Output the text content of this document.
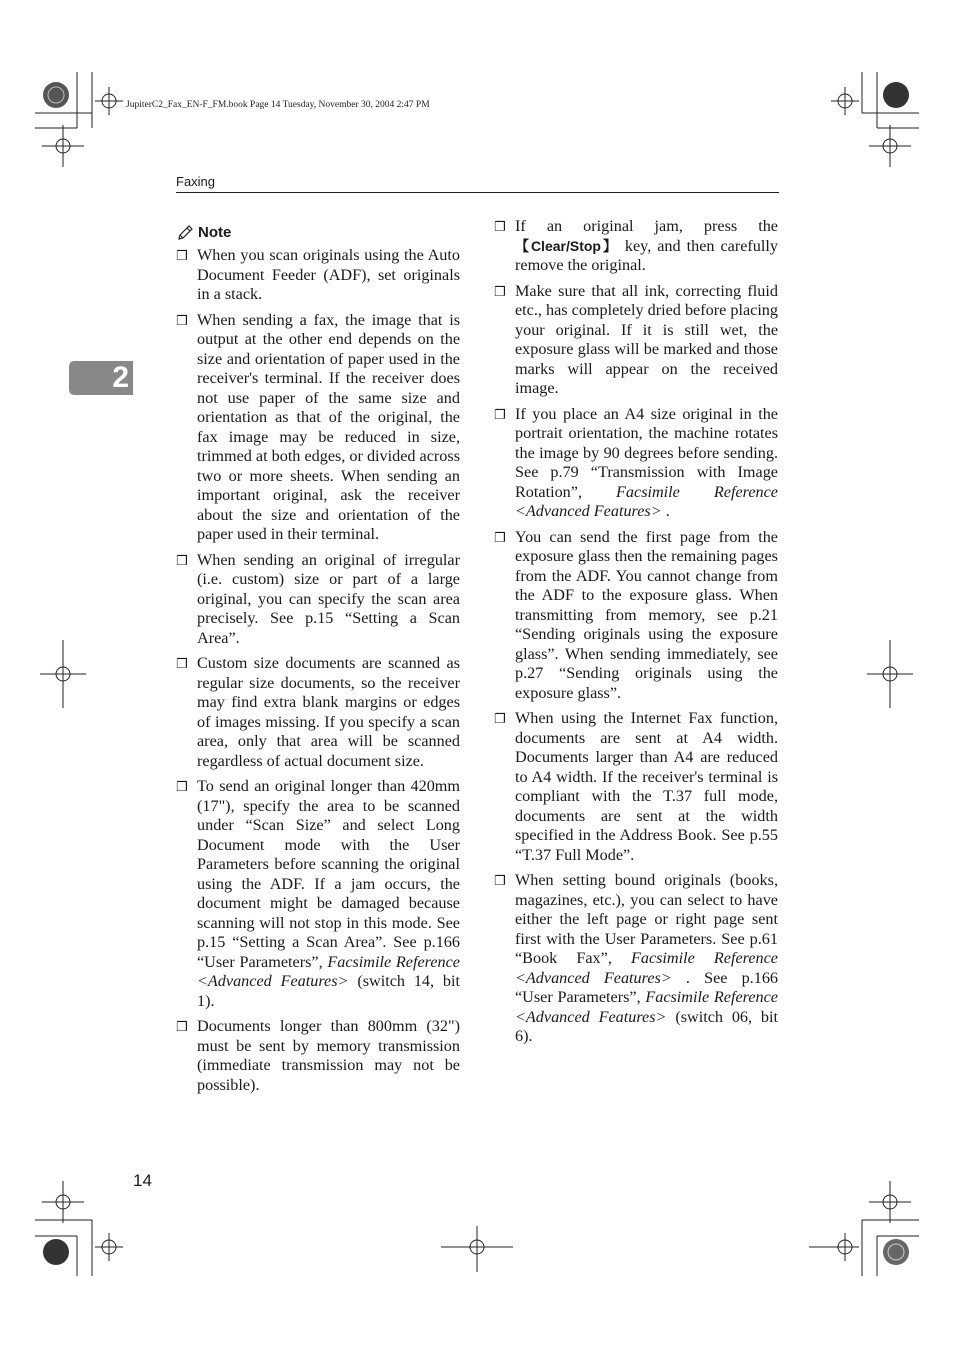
JupiterC2_Fax_EN-F_FM.book Page 14 Tuesday, November 30, 2004 2:47 PM
Faxing
2
Note
❒ When you scan originals using the Auto Document Feeder (ADF), set originals in a stack.
❒ When sending a fax, the image that is output at the other end depends on the size and orientation of paper used in the receiver's terminal. If the receiver does not use paper of the same size and orientation as that of the original, the fax image may be reduced in size, trimmed at both edges, or divided across two or more sheets. When sending an important original, ask the receiver about the size and orientation of the paper used in their terminal.
❒ When sending an original of irregular (i.e. custom) size or part of a large original, you can specify the scan area precisely. See p.15 “Setting a Scan Area”.
❒ Custom size documents are scanned as regular size documents, so the receiver may find extra blank margins or edges of images missing. If you specify a scan area, only that area will be scanned regardless of actual document size.
❒ To send an original longer than 420mm (17"), specify the area to be scanned under “Scan Size” and select Long Document mode with the User Parameters before scanning the original using the ADF. If a jam occurs, the document might be damaged because scanning will not stop in this mode. See p.15 “Setting a Scan Area”. See p.166 “User Parameters”, Facsimile Reference <Advanced Features> (switch 14, bit 1).
❒ Documents longer than 800mm (32") must be sent by memory transmission (immediate transmission may not be possible).
❒ If an original jam, press the 【Clear/Stop】 key, and then carefully remove the original.
❒ Make sure that all ink, correcting fluid etc., has completely dried before placing your original. If it is still wet, the exposure glass will be marked and those marks will appear on the received image.
❒ If you place an A4 size original in the portrait orientation, the machine rotates the image by 90 degrees before sending. See p.79 “Transmission with Image Rotation”, Facsimile Reference <Advanced Features> .
❒ You can send the first page from the exposure glass then the remaining pages from the ADF. You cannot change from the ADF to the exposure glass. When transmitting from memory, see p.21 “Sending originals using the exposure glass”. When sending immediately, see p.27 “Sending originals using the exposure glass”.
❒ When using the Internet Fax function, documents are sent at A4 width. Documents larger than A4 are reduced to A4 width. If the receiver's terminal is compliant with the T.37 full mode, documents are sent at the width specified in the Address Book. See p.55 “T.37 Full Mode”.
❒ When setting bound originals (books, magazines, etc.), you can select to have either the left page or right page sent first with the User Parameters. See p.61 “Book Fax”, Facsimile Reference <Advanced Features> . See p.166 “User Parameters”, Facsimile Reference <Advanced Features> (switch 06, bit 6).
14
